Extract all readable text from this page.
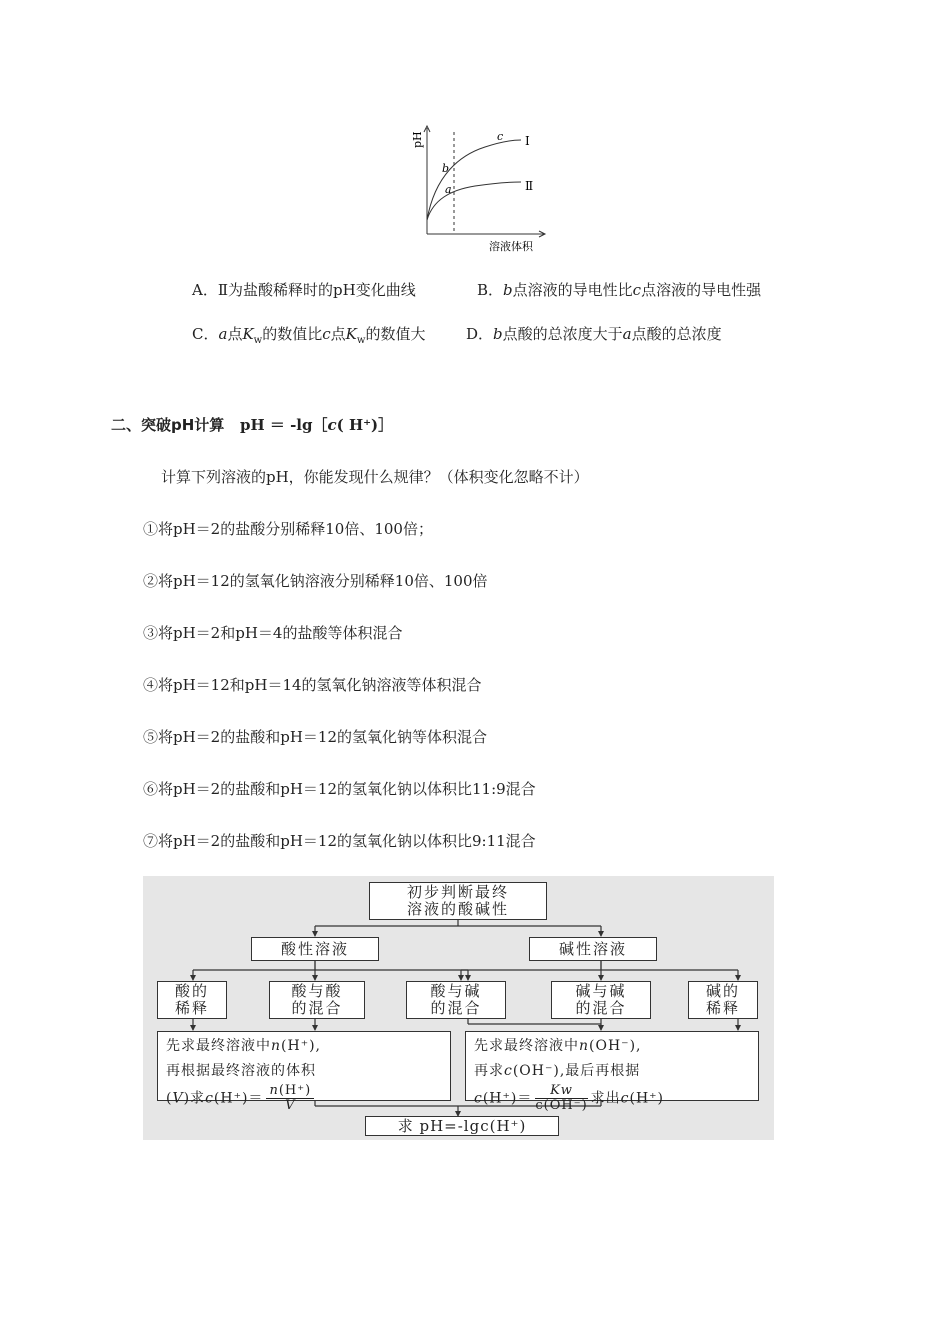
pH
溶液体积
c
b
a
Ⅰ
Ⅱ
A．Ⅱ为盐酸稀释时的pH变化曲线	B．b点溶液的导电性比c点溶液的导电性强
C．a点$K_w$的数值比c点$K_w$的数值大	D．b点酸的总浓度大于a点酸的总浓度
二、突破pH计算 pH ＝ -lg［c( H⁺)］
计算下列溶液的pH，你能发现什么规律？（体积变化忽略不计）
①将pH＝2的盐酸分别稀释10倍、100倍；
②将pH＝12的氢氧化钠溶液分别稀释10倍、100倍
③将pH＝2和pH＝4的盐酸等体积混合
④将pH＝12和pH＝14的氢氧化钠溶液等体积混合
⑤将pH＝2的盐酸和pH＝12的氢氧化钠等体积混合
⑥将pH＝2的盐酸和pH＝12的氢氧化钠以体积比11:9混合
⑦将pH＝2的盐酸和pH＝12的氢氧化钠以体积比9:11混合
初步判断最终
溶液的酸碱性
酸性溶液	碱性溶液
酸的
稀释
酸与酸
的混合
酸与碱
的混合
碱与碱
的混合
碱的
稀释
先求最终溶液中n(H⁺),
再根据最终溶液的体积
(V)求$c(H^+)= \frac{n(H^+)}{V}$
先求最终溶液中n(OH⁻),
再求c(OH⁻),最后再根据
$c(H^+)= \frac{Kw}{c(OH^-)}$ 求出c(H⁺)
求 pH=-lgc(H⁺)
